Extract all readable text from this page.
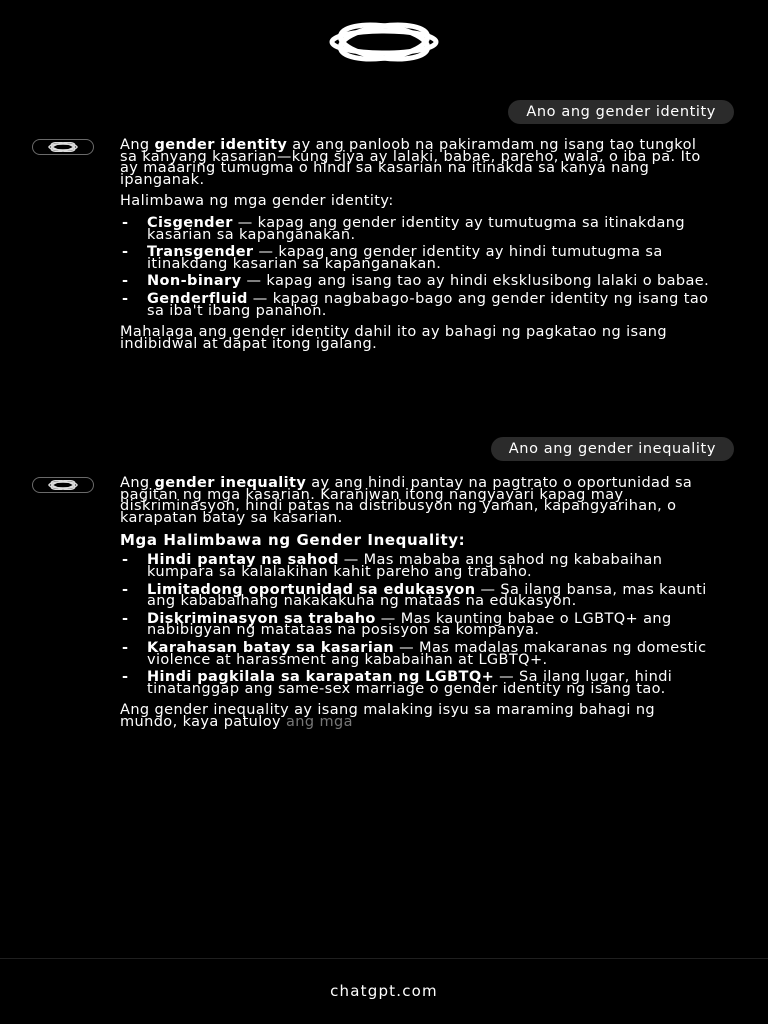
Ano ang gender identity

Ang gender identity ay ang panloob na pakiramdam ng isang tao tungkol sa kanyang kasarian—kung siya ay lalaki, babae, pareho, wala, o iba pa. Ito ay maaaring tumugma o hindi sa kasarian na itinakda sa kanya nang ipanganak.

Halimbawa ng mga gender identity:

- Cisgender — kapag ang gender identity ay tumutugma sa itinakdang kasarian sa kapanganakan.
- Transgender — kapag ang gender identity ay hindi tumutugma sa itinakdang kasarian sa kapanganakan.
- Non-binary — kapag ang isang tao ay hindi eksklusibong lalaki o babae.
- Genderfluid — kapag nagbabago-bago ang gender identity ng isang tao sa iba't ibang panahon.

Mahalaga ang gender identity dahil ito ay bahagi ng pagkatao ng isang indibidwal at dapat itong igalang.

Ano ang gender inequality

Ang gender inequality ay ang hindi pantay na pagtrato o oportunidad sa pagitan ng mga kasarian. Karaniwan itong nangyayari kapag may diskriminasyon, hindi patas na distribusyon ng yaman, kapangyarihan, o karapatan batay sa kasarian.

Mga Halimbawa ng Gender Inequality:
- Hindi pantay na sahod — Mas mababa ang sahod ng kababaihan kumpara sa kalalakihan kahit pareho ang trabaho.
- Limitadong oportunidad sa edukasyon — Sa ilang bansa, mas kaunti ang kababaihang nakakakuha ng mataas na edukasyon.
- Diskriminasyon sa trabaho — Mas kaunting babae o LGBTQ+ ang nabibigyan ng matataas na posisyon sa kompanya.
- Karahasan batay sa kasarian — Mas madalas makaranas ng domestic violence at harassment ang kababaihan at LGBTQ+.
- Hindi pagkilala sa karapatan ng LGBTQ+ — Sa ilang lugar, hindi tinatanggap ang same-sex marriage o gender identity ng isang tao.

Ang gender inequality ay isang malaking isyu sa maraming bahagi ng mundo, kaya patuloy ang mga

chatgpt.com
